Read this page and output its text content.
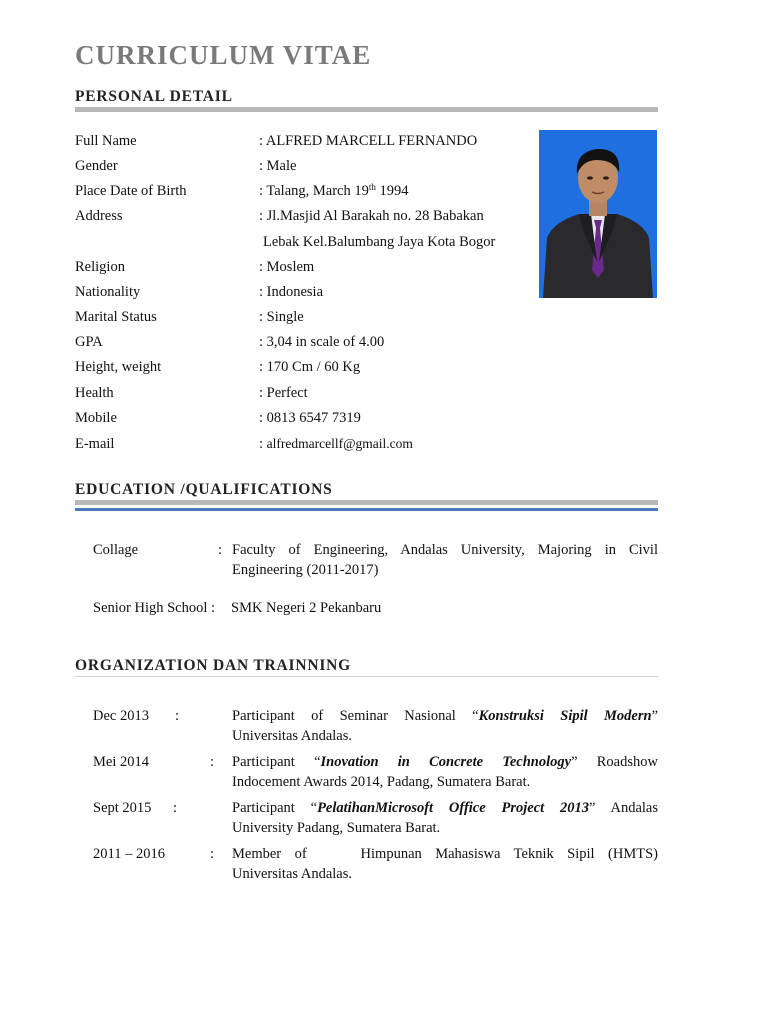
CURRICULUM VITAE
PERSONAL DETAIL
Full Name	: ALFRED MARCELL FERNANDO
Gender	: Male
Place Date of Birth	: Talang, March 19th 1994
Address	: Jl.Masjid Al Barakah no. 28 Babakan
Lebak Kel.Balumbang Jaya Kota Bogor
Religion	: Moslem
Nationality	: Indonesia
Marital Status	: Single
GPA	: 3,04 in scale of 4.00
Height, weight	: 170 Cm / 60 Kg
Health	: Perfect
Mobile	: 0813 6547 7319
E-mail	: alfredmarcellf@gmail.com
EDUCATION /QUALIFICATIONS
Collage	: Faculty of Engineering, Andalas University, Majoring in Civil
Engineering (2011-2017)
Senior High School : SMK Negeri 2 Pekanbaru
ORGANIZATION DAN TRAINNING
Dec 2013 :	Participant of Seminar Nasional “Konstruksi Sipil Modern”
Universitas Andalas.
Mei 2014	: Participant “Inovation in Concrete Technology” Roadshow
Indocement Awards 2014, Padang, Sumatera Barat.
Sept 2015 :	Participant “PelatihanMicrosoft Office Project 2013” Andalas
University Padang, Sumatera Barat.
2011 – 2016	: Member of    Himpunan Mahasiswa Teknik Sipil (HMTS)
Universitas Andalas.
